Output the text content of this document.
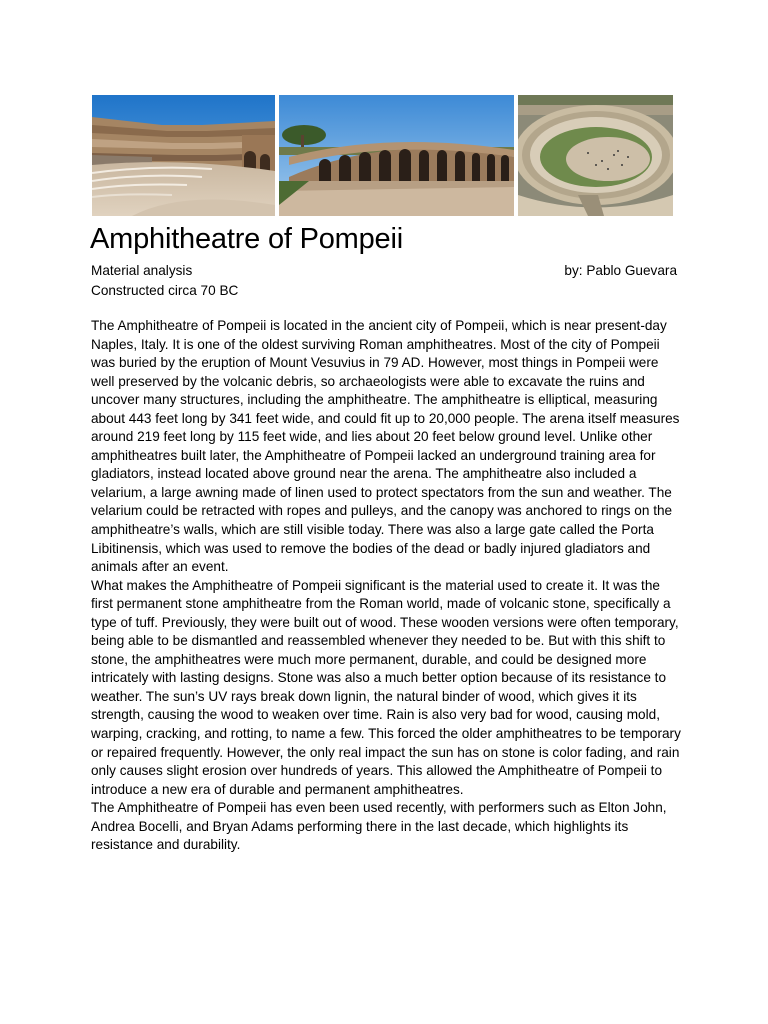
Amphitheatre of Pompeii
Material analysis	by: Pablo Guevara
Constructed circa 70 BC

The Amphitheatre of Pompeii is located in the ancient city of Pompeii, which is near present-day Naples, Italy. It is one of the oldest surviving Roman amphitheatres. Most of the city of Pompeii was buried by the eruption of Mount Vesuvius in 79 AD. However, most things in Pompeii were well preserved by the volcanic debris, so archaeologists were able to excavate the ruins and uncover many structures, including the amphitheatre. The amphitheatre is elliptical, measuring about 443 feet long by 341 feet wide, and could fit up to 20,000 people. The arena itself measures around 219 feet long by 115 feet wide, and lies about 20 feet below ground level. Unlike other amphitheatres built later, the Amphitheatre of Pompeii lacked an underground training area for gladiators, instead located above ground near the arena. The amphitheatre also included a velarium, a large awning made of linen used to protect spectators from the sun and weather. The velarium could be retracted with ropes and pulleys, and the canopy was anchored to rings on the amphitheatre’s walls, which are still visible today. There was also a large gate called the Porta Libitinensis, which was used to remove the bodies of the dead or badly injured gladiators and animals after an event.

What makes the Amphitheatre of Pompeii significant is the material used to create it. It was the first permanent stone amphitheatre from the Roman world, made of volcanic stone, specifically a type of tuff. Previously, they were built out of wood. These wooden versions were often temporary, being able to be dismantled and reassembled whenever they needed to be. But with this shift to stone, the amphitheatres were much more permanent, durable, and could be designed more intricately with lasting designs. Stone was also a much better option because of its resistance to weather. The sun’s UV rays break down lignin, the natural binder of wood, which gives it its strength, causing the wood to weaken over time. Rain is also very bad for wood, causing mold, warping, cracking, and rotting, to name a few. This forced the older amphitheatres to be temporary or repaired frequently. However, the only real impact the sun has on stone is color fading, and rain only causes slight erosion over hundreds of years. This allowed the Amphitheatre of Pompeii to introduce a new era of durable and permanent amphitheatres.

The Amphitheatre of Pompeii has even been used recently, with performers such as Elton John, Andrea Bocelli, and Bryan Adams performing there in the last decade, which highlights its resistance and durability.
